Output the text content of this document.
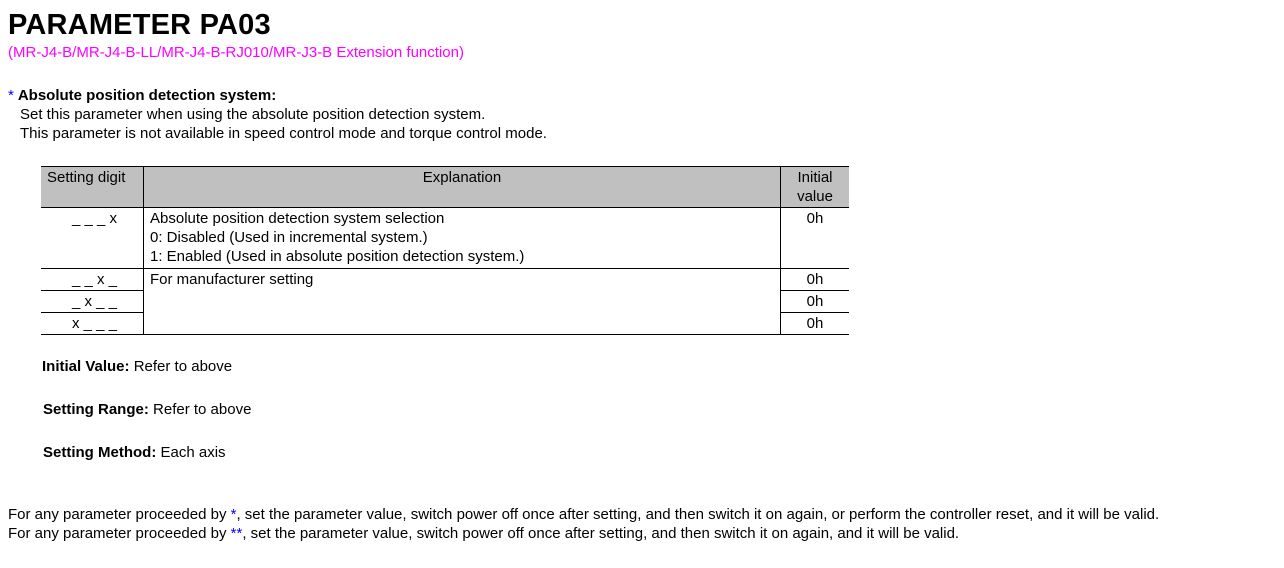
PARAMETER PA03
(MR-J4-B/MR-J4-B-LL/MR-J4-B-RJ010/MR-J3-B Extension function)
* Absolute position detection system:
Set this parameter when using the absolute position detection system.
This parameter is not available in speed control mode and torque control mode.
Setting digit	Explanation	Initial
value
_ _ _ x	Absolute position detection system selection
0: Disabled (Used in incremental system.)
1: Enabled (Used in absolute position detection system.)	0h
_ _ x _	For manufacturer setting	0h
_ x _ _		0h
x _ _ _		0h
Initial Value: Refer to above
Setting Range: Refer to above
Setting Method: Each axis
For any parameter proceeded by *, set the parameter value, switch power off once after setting, and then switch it on again, or perform the controller reset, and it will be valid.
For any parameter proceeded by **, set the parameter value, switch power off once after setting, and then switch it on again, and it will be valid.
